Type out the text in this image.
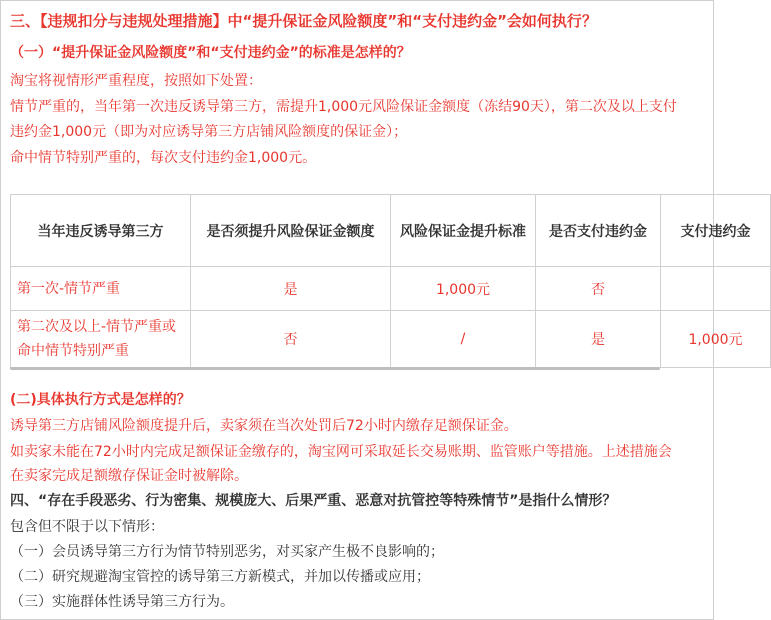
三、【违规扣分与违规处理措施】中“提升保证金风险额度”和“支付违约金”会如何执行？
（一）“提升保证金风险额度”和“支付违约金”的标准是怎样的？
淘宝将视情形严重程度，按照如下处置：
情节严重的，当年第一次违反诱导第三方，需提升1,000元风险保证金额度（冻结90天），第二次及以上支付
违约金1,000元（即为对应诱导第三方店铺风险额度的保证金）；
命中情节特别严重的，每次支付违约金1,000元。
当年违反诱导第三方	是否须提升风险保证金额度	风险保证金提升标准	是否支付违约金	支付违约金
第一次-情节严重	是	1,000元	否	
第二次及以上-情节严重或命中情节特别严重	否	/	是	1,000元
(二)具体执行方式是怎样的？
诱导第三方店铺风险额度提升后，卖家须在当次处罚后72小时内缴存足额保证金。
如卖家未能在72小时内完成足额保证金缴存的，淘宝网可采取延长交易账期、监管账户等措施。上述措施会
在卖家完成足额缴存保证金时被解除。
四、“存在手段恶劣、行为密集、规模庞大、后果严重、恶意对抗管控等特殊情节”是指什么情形？
包含但不限于以下情形：
（一）会员诱导第三方行为情节特别恶劣，对买家产生极不良影响的；
（二）研究规避淘宝管控的诱导第三方新模式，并加以传播或应用；
（三）实施群体性诱导第三方行为。
